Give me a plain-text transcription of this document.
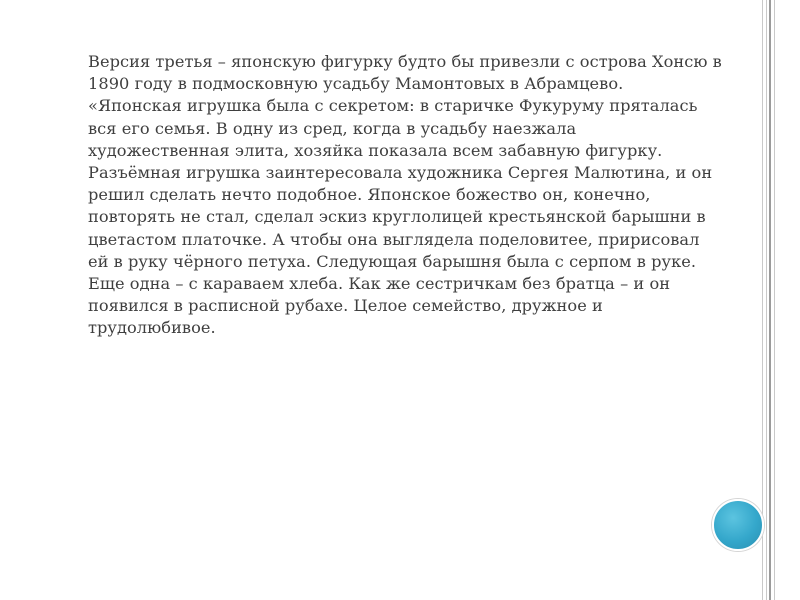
Версия третья – японскую фигурку будто бы привезли с острова Хонсю в 1890 году в подмосковную усадьбу Мамонтовых в Абрамцево. «Японская игрушка была с секретом: в старичке Фукуруму пряталась вся его семья. В одну из сред, когда в усадьбу наезжала художественная элита, хозяйка показала всем забавную фигурку. Разъёмная игрушка заинтересовала художника Сергея Малютина, и он решил сделать нечто подобное. Японское божество он, конечно, повторять не стал, сделал эскиз круглолицей крестьянской барышни в цветастом платочке. А чтобы она выглядела поделовитее, пририсовал ей в руку чёрного петуха. Следующая барышня была с серпом в руке. Еще одна – с караваем хлеба. Как же сестричкам без братца – и он появился в расписной рубахе. Целое семейство, дружное и трудолюбивое.
